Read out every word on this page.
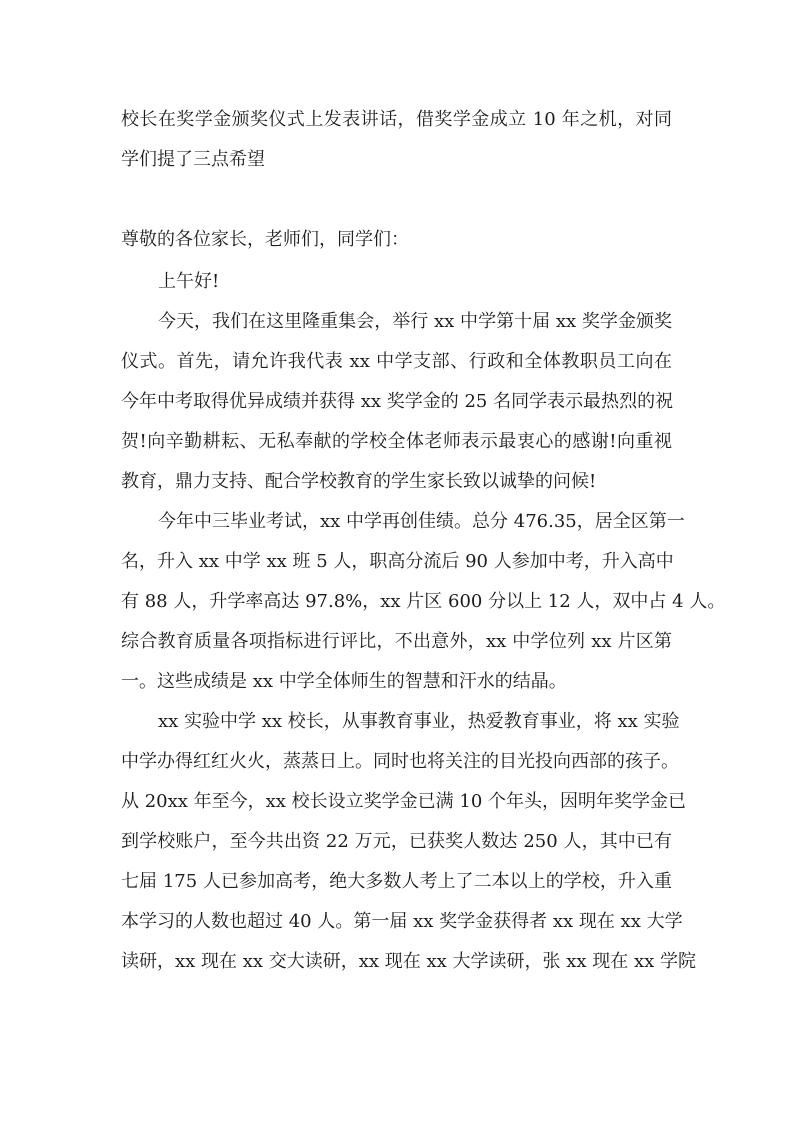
校长在奖学金颁奖仪式上发表讲话，借奖学金成立 10 年之机，对同
学们提了三点希望
尊敬的各位家长，老师们，同学们：
上午好!
今天，我们在这里隆重集会，举行 xx 中学第十届 xx 奖学金颁奖
仪式。首先，请允许我代表 xx 中学支部、行政和全体教职员工向在
今年中考取得优异成绩并获得 xx 奖学金的 25 名同学表示最热烈的祝
贺!向辛勤耕耘、无私奉献的学校全体老师表示最衷心的感谢!向重视
教育，鼎力支持、配合学校教育的学生家长致以诚挚的问候!
今年中三毕业考试，xx 中学再创佳绩。总分 476.35，居全区第一
名，升入 xx 中学 xx 班 5 人，职高分流后 90 人参加中考，升入高中
有 88 人，升学率高达 97.8%，xx 片区 600 分以上 12 人，双中占 4 人。
综合教育质量各项指标进行评比，不出意外，xx 中学位列 xx 片区第
一。这些成绩是 xx 中学全体师生的智慧和汗水的结晶。
xx 实验中学 xx 校长，从事教育事业，热爱教育事业，将 xx 实验
中学办得红红火火，蒸蒸日上。同时也将关注的目光投向西部的孩子。
从 20xx 年至今，xx 校长设立奖学金已满 10 个年头，因明年奖学金已
到学校账户，至今共出资 22 万元，已获奖人数达 250 人，其中已有
七届 175 人已参加高考，绝大多数人考上了二本以上的学校，升入重
本学习的人数也超过 40 人。第一届 xx 奖学金获得者 xx 现在 xx 大学
读研，xx 现在 xx 交大读研，xx 现在 xx 大学读研，张 xx 现在 xx 学院
